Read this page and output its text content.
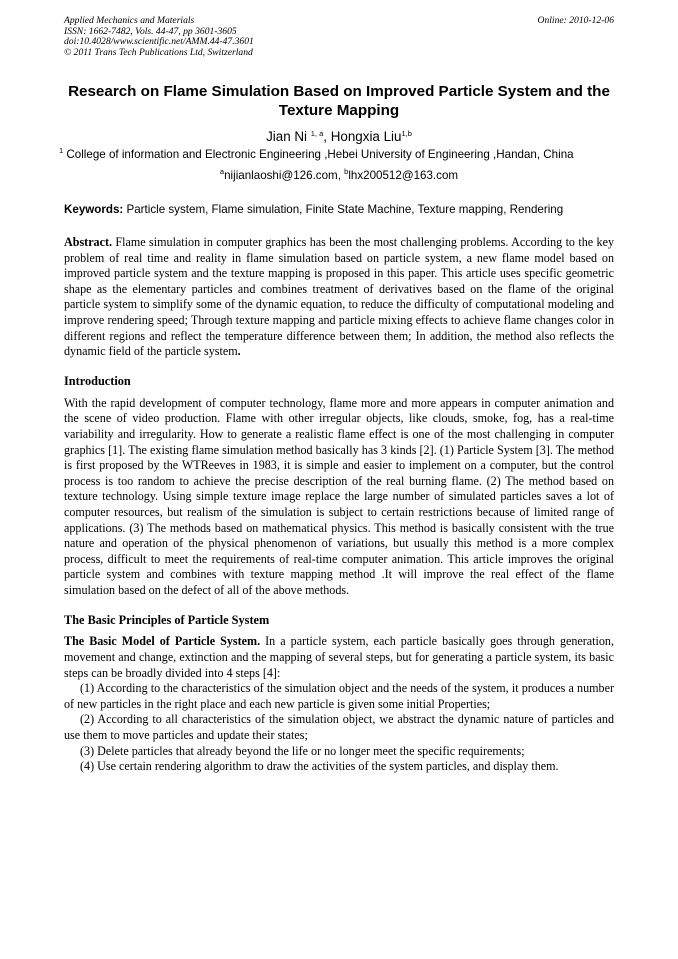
Applied Mechanics and Materials
ISSN: 1662-7482, Vols. 44-47, pp 3601-3605
doi:10.4028/www.scientific.net/AMM.44-47.3601
© 2011 Trans Tech Publications Ltd, Switzerland
Online: 2010-12-06
Research on Flame Simulation Based on Improved Particle System and the Texture Mapping
Jian Ni $^{1, a}$, Hongxia Liu$^{1,b}$
$^1$ College of information and Electronic Engineering ,Hebei University of Engineering ,Handan, China
$^a$nijianlaoshi@126.com, $^b$lhx200512@163.com
Keywords: Particle system, Flame simulation, Finite State Machine, Texture mapping, Rendering
Abstract. Flame simulation in computer graphics has been the most challenging problems. According to the key problem of real time and reality in flame simulation based on particle system, a new flame model based on improved particle system and the texture mapping is proposed in this paper. This article uses specific geometric shape as the elementary particles and combines treatment of derivatives based on the flame of the original particle system to simplify some of the dynamic equation, to reduce the difficulty of computational modeling and improve rendering speed; Through texture mapping and particle mixing effects to achieve flame changes color in different regions and reflect the temperature difference between them; In addition, the method also reflects the dynamic field of the particle system.
Introduction
With the rapid development of computer technology, flame more and more appears in computer animation and the scene of video production. Flame with other irregular objects, like clouds, smoke, fog, has a real-time variability and irregularity. How to generate a realistic flame effect is one of the most challenging in computer graphics [1]. The existing flame simulation method basically has 3 kinds [2]. (1) Particle System [3]. The method is first proposed by the WTReeves in 1983, it is simple and easier to implement on a computer, but the control process is too random to achieve the precise description of the real burning flame. (2) The method based on texture technology. Using simple texture image replace the large number of simulated particles saves a lot of computer resources, but realism of the simulation is subject to certain restrictions because of limited range of applications. (3) The methods based on mathematical physics. This method is basically consistent with the true nature and operation of the physical phenomenon of variations, but usually this method is a more complex process, difficult to meet the requirements of real-time computer animation. This article improves the original particle system and combines with texture mapping method .It will improve the real effect of the flame simulation based on the defect of all of the above methods.
The Basic Principles of Particle System
The Basic Model of Particle System. In a particle system, each particle basically goes through generation, movement and change, extinction and the mapping of several steps, but for generating a particle system, its basic steps can be broadly divided into 4 steps [4]:
(1) According to the characteristics of the simulation object and the needs of the system, it produces a number of new particles in the right place and each new particle is given some initial Properties;
(2) According to all characteristics of the simulation object, we abstract the dynamic nature of particles and use them to move particles and update their states;
(3) Delete particles that already beyond the life or no longer meet the specific requirements;
(4) Use certain rendering algorithm to draw the activities of the system particles, and display them.
